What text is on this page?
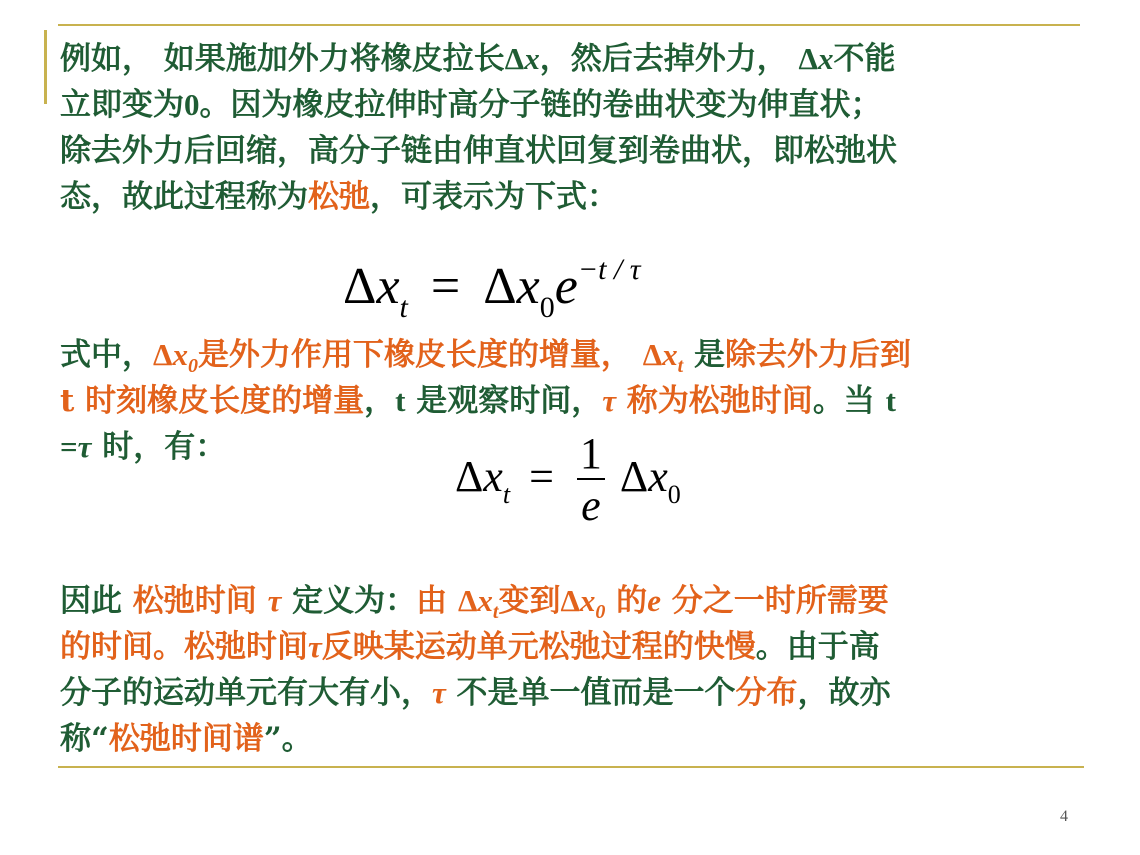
例如， 如果施加外力将橡皮拉长Δx，然后去掉外力， Δx不能
立即变为0。因为橡皮拉伸时高分子链的卷曲状变为伸直状；
除去外力后回缩，高分子链由伸直状回复到卷曲状，即松弛状
态，故此过程称为松弛，可表示为下式：
式中，$\Delta x_0$是外力作用下橡皮长度的增量， $\Delta x_t$ 是除去外力后到
t 时刻橡皮长度的增量，t 是观察时间，τ 称为松弛时间。当 t
=τ 时，有：
因此 松弛时间 τ 定义为：由 $\Delta x_t$变到$\Delta x_0$ 的e 分之一时所需要
的时间。松弛时间τ反映某运动单元松弛过程的快慢。由于高
分子的运动单元有大有小，τ 不是单一值而是一个分布，故亦
称“松弛时间谱”。
$\Delta x_t = \Delta x_0e^{-t / \tau}$
$\Delta x_t = \frac{1}{e} \Delta x_0$
4
